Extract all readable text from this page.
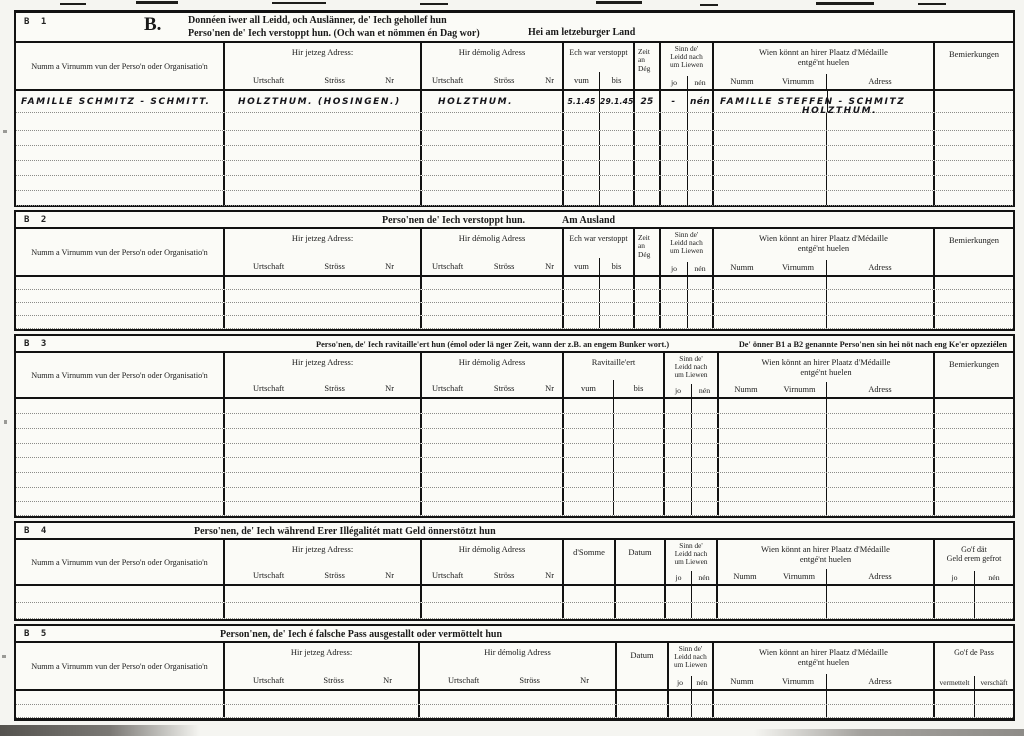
B 1	B.	Donnéen iwer all Leidd, och Auslänner, de' Iech gehollef hun
Perso'nen de' Iech verstoppt hun. (Och wan et nömmen én Dag wor)	Hei am letzeburger Land
Numm a Virnumm vun der Perso'n oder Organisatio'n
Hir jetzeg Adress:
Urtschaft	Ströss	Nr
Hir démolig Adress
Urtschaft	Ströss	Nr
Ech war verstoppt
vum	bis
Zeit
an
Dég
Sinn de'
Leidd nach
um Liewen
jo	nén
Wien könnt an hirer Plaatz d'Médaille
entgé'nt huelen
Numm	Virnumm	Adress
Bemierkungen
FAMILLE SCHMITZ - SCHMITT.	HOLZTHUM. (HOSINGEN.)	HOLZTHUM.	5.1.45 29.1.45 25	-	nén	FAMILLE STEFFEN - SCHMITZ
HOLZTHUM.
B 2	Perso'nen de' Iech verstoppt hun.	Am Ausland
Numm a Virnumm vun der Perso'n oder Organisatio'n
Hir jetzeg Adress:
Urtschaft	Ströss	Nr
Hir démolig Adress
Urtschaft	Ströss	Nr
Ech war verstoppt
vum	bis
Zeit
an
Dég
Sinn de'
Leidd nach
um Liewen
jo	nén
Wien könnt an hirer Plaatz d'Médaille
entgé'nt huelen
Numm	Virnumm	Adress
Bemierkungen
B 3	Perso'nen, de' Iech ravitaille'ert hun (émol oder lä nger Zeit, wann der z.B. an engem Bunker wort.)	De' önner B1 a B2 genannte Perso'nen sin hei nöt nach eng Ke'er opzeziélen
Numm a Virnumm vun der Perso'n oder Organisatio'n
Hir jetzeg Adress:
Urtschaft	Ströss	Nr
Hir démolig Adress
Urtschaft	Ströss	Nr
Ravitaille'ert
vum	bis
Sinn de'
Leidd nach
um Liewen
jo	nén
Wien könnt an hirer Plaatz d'Médaille
entgé'nt huelen
Numm	Virnumm	Adress
Bemierkungen
B 4	Perso'nen, de' Iech während Erer Illégalitét matt Geld önnerstötzt hun
Numm a Virnumm vun der Perso'n oder Organisatio'n
Hir jetzeg Adress:
Urtschaft	Ströss	Nr
Hir démolig Adress
Urtschaft	Ströss	Nr
d'Somme	Datum
Sinn de'
Leidd nach
um Liewen
jo	nén
Wien könnt an hirer Plaatz d'Médaille
entgé'nt huelen
Numm	Virnumm	Adress
Go'f dät
Geld erem gefrot
jo	nén
B 5	Person'nen, de' Iech é falsche Pass ausgestallt oder vermöttelt hun
Numm a Virnumm vun der Perso'n oder Organisatio'n
Hir jetzeg Adress:
Urtschaft	Ströss	Nr
Hir démolig Adress
Urtschaft	Ströss	Nr
Datum
Sinn de'
Leidd nach
um Liewen
jo	nén
Wien könnt an hirer Plaatz d'Médaille
entgé'nt huelen
Numm	Virnumm	Adress
Go'f de Pass
vermettelt	verschäft
